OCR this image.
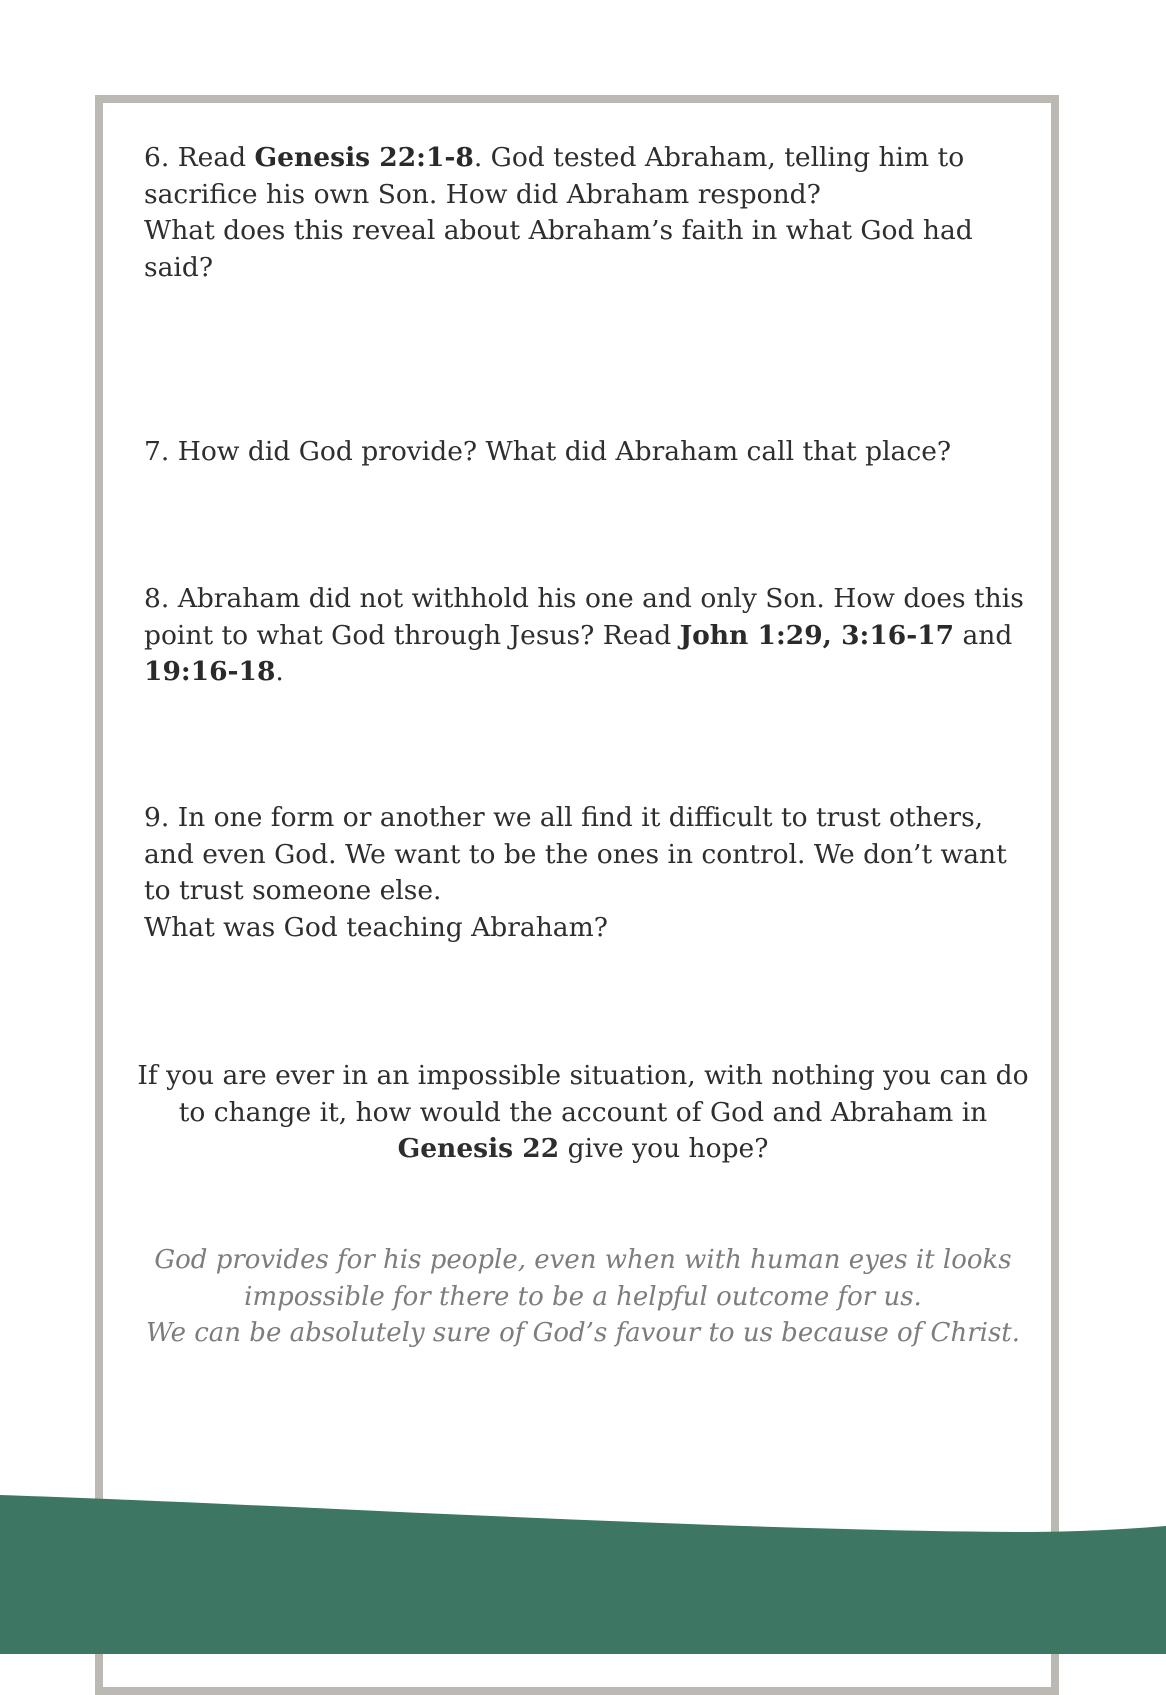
6. Read Genesis 22:1-8. God tested Abraham, telling him to sacrifice his own Son. How did Abraham respond?
What does this reveal about Abraham’s faith in what God had said?

7. How did God provide? What did Abraham call that place?

8. Abraham did not withhold his one and only Son. How does this point to what God through Jesus? Read John 1:29, 3:16-17 and 19:16-18.

9. In one form or another we all find it difficult to trust others, and even God. We want to be the ones in control. We don’t want to trust someone else.
What was God teaching Abraham?

If you are ever in an impossible situation, with nothing you can do to change it, how would the account of God and Abraham in Genesis 22 give you hope?

God provides for his people, even when with human eyes it looks impossible for there to be a helpful outcome for us.
We can be absolutely sure of God’s favour to us because of Christ.
